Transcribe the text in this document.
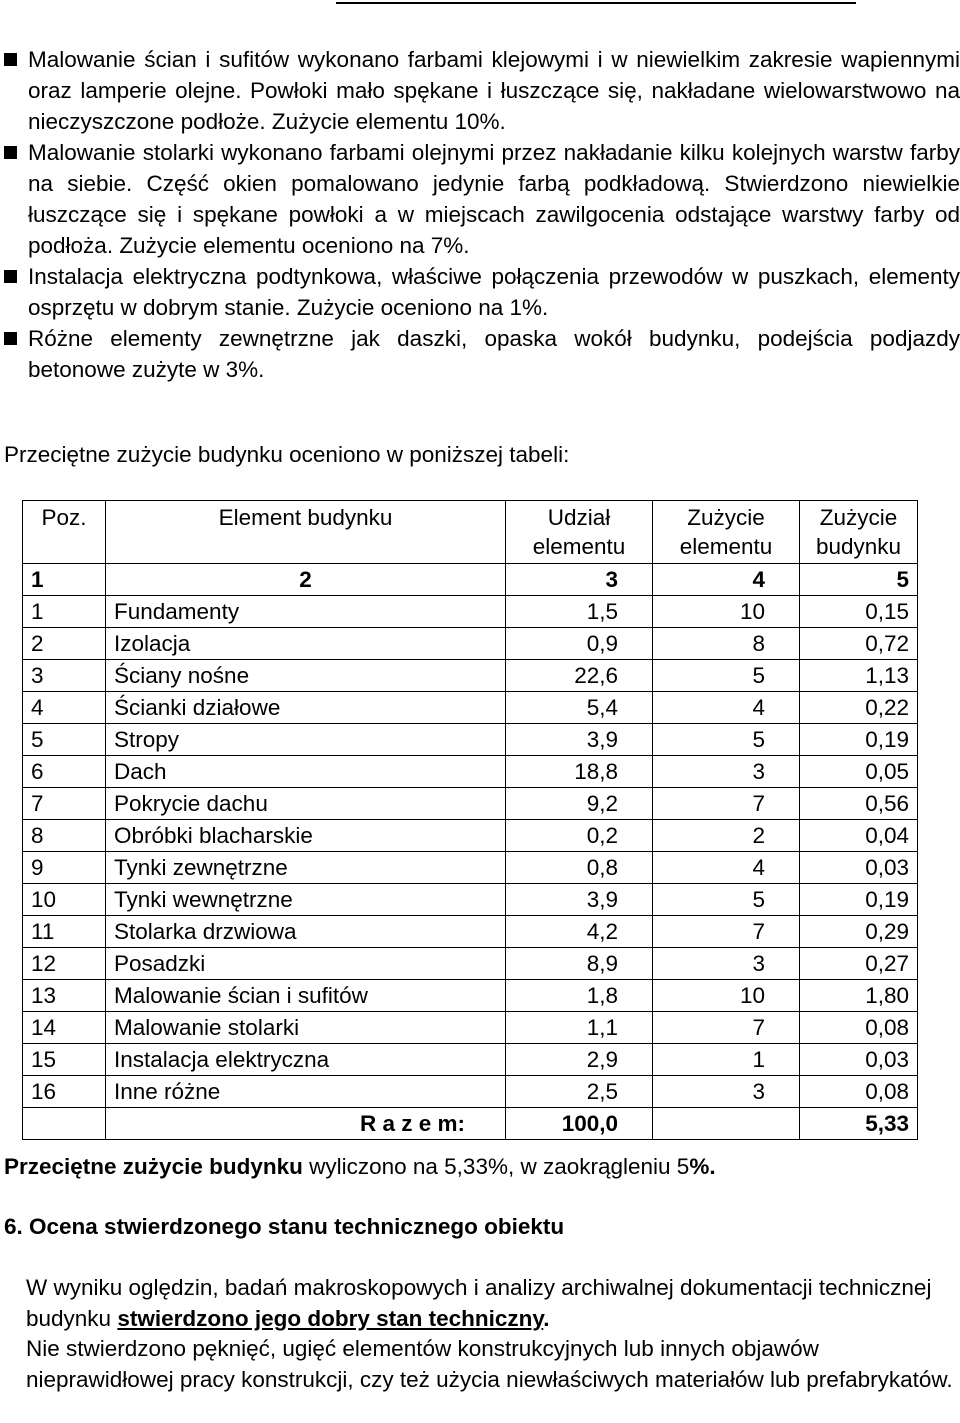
Malowanie ścian i sufitów wykonano farbami klejowymi i w niewielkim zakresie wapiennymi oraz lamperie olejne. Powłoki mało spękane i łuszczące się, nakładane wielowarstwowo na nieczyszczone podłoże. Zużycie elementu 10%.

Malowanie stolarki wykonano farbami olejnymi przez nakładanie kilku kolejnych warstw farby na siebie. Część okien pomalowano jedynie farbą podkładową. Stwierdzono niewielkie łuszczące się i spękane powłoki a w miejscach zawilgocenia odstające warstwy farby od podłoża. Zużycie elementu oceniono na 7%.

Instalacja elektryczna podtynkowa, właściwe połączenia przewodów w puszkach, elementy osprzętu w dobrym stanie. Zużycie oceniono na 1%.

Różne elementy zewnętrzne jak daszki, opaska wokół budynku, podejścia podjazdy betonowe zużyte w 3%.

Przeciętne zużycie budynku oceniono w poniższej tabeli:

Poz.	Element budynku	Udział elementu	Zużycie elementu	Zużycie budynku
1	2	3	4	5
1	Fundamenty	1,5	10	0,15
2	Izolacja	0,9	8	0,72
3	Ściany nośne	22,6	5	1,13
4	Ścianki działowe	5,4	4	0,22
5	Stropy	3,9	5	0,19
6	Dach	18,8	3	0,05
7	Pokrycie dachu	9,2	7	0,56
8	Obróbki blacharskie	0,2	2	0,04
9	Tynki zewnętrzne	0,8	4	0,03
10	Tynki wewnętrzne	3,9	5	0,19
11	Stolarka drzwiowa	4,2	7	0,29
12	Posadzki	8,9	3	0,27
13	Malowanie ścian i sufitów	1,8	10	1,80
14	Malowanie stolarki	1,1	7	0,08
15	Instalacja elektryczna	2,9	1	0,03
16	Inne różne	2,5	3	0,08
	R a z e m:	100,0		5,33

Przeciętne zużycie budynku wyliczono na 5,33%, w zaokrągleniu 5%.

6. Ocena stwierdzonego stanu technicznego obiektu

W wyniku oględzin, badań makroskopowych i analizy archiwalnej dokumentacji technicznej budynku stwierdzono jego dobry stan techniczny.
Nie stwierdzono pęknięć, ugięć elementów konstrukcyjnych lub innych objawów nieprawidłowej pracy konstrukcji, czy też użycia niewłaściwych materiałów lub prefabrykatów.
